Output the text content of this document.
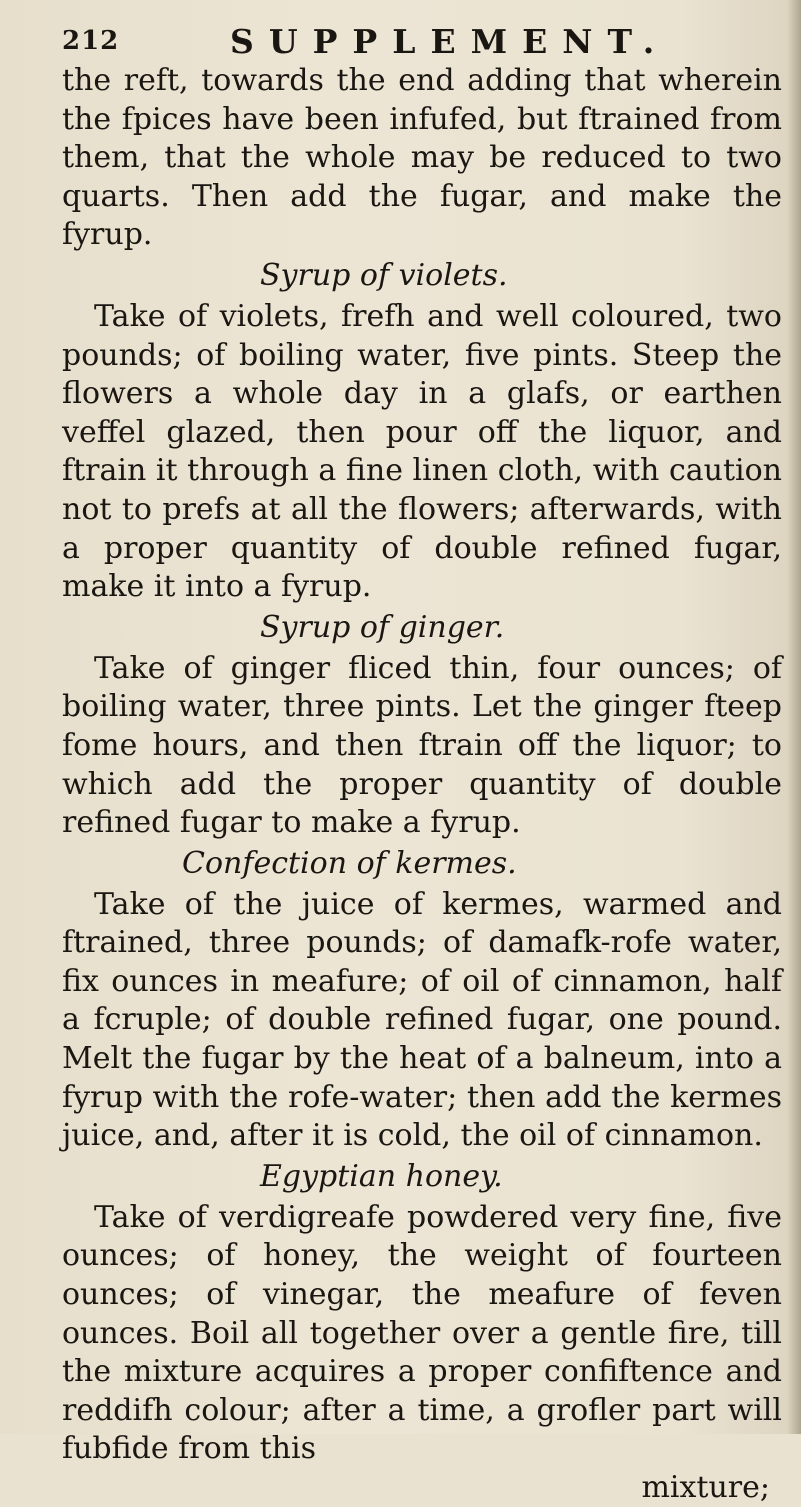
212	SUPPLEMENT.

the reft, towards the end adding that wherein the fpices have been infufed, but ftrained from them, that the whole may be reduced to two quarts. Then add the fugar, and make the fyrup.

Syrup of violets.

Take of violets, frefh and well coloured, two pounds; of boiling water, five pints. Steep the flowers a whole day in a glafs, or earthen veffel glazed, then pour off the liquor, and ftrain it through a fine linen cloth, with caution not to prefs at all the flowers; afterwards, with a proper quantity of double refined fugar, make it into a fyrup.

Syrup of ginger.

Take of ginger fliced thin, four ounces; of boiling water, three pints. Let the ginger fteep fome hours, and then ftrain off the liquor; to which add the proper quantity of double refined fugar to make a fyrup.

Confection of kermes.

Take of the juice of kermes, warmed and ftrained, three pounds; of damafk-rofe water, fix ounces in meafure; of oil of cinnamon, half a fcruple; of double refined fugar, one pound. Melt the fugar by the heat of a balneum, into a fyrup with the rofe-water; then add the kermes juice, and, after it is cold, the oil of cinnamon.

Egyptian honey.

Take of verdigreafe powdered very fine, five ounces; of honey, the weight of fourteen ounces; of vinegar, the meafure of feven ounces. Boil all together over a gentle fire, till the mixture acquires a proper confiftence and reddifh colour; after a time, a grofler part will fubfide from this

mixture;
